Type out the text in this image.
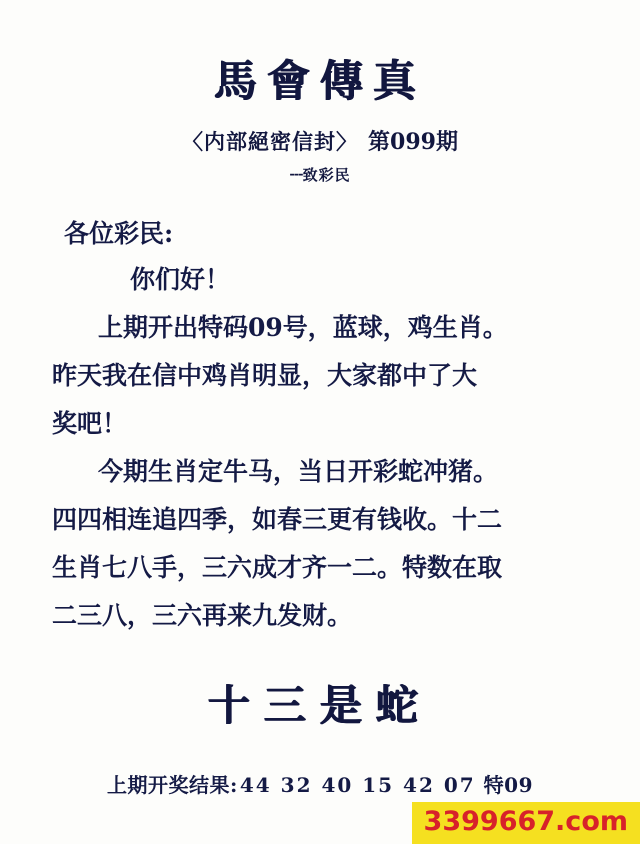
馬會傳真
〈内部絕密信封〉 第099期
---致彩民
各位彩民:
你们好！
上期开出特码09号，蓝球，鸡生肖。
昨天我在信中鸡肖明显，大家都中了大
奖吧！
今期生肖定牛马，当日开彩蛇冲猪。
四四相连追四季，如春三更有钱收。十二
生肖七八手，三六成才齐一二。特数在取
二三八，三六再来九发财。
十三是蛇
上期开奖结果: 44 32 40 15 42 07 特09
3399667.com
